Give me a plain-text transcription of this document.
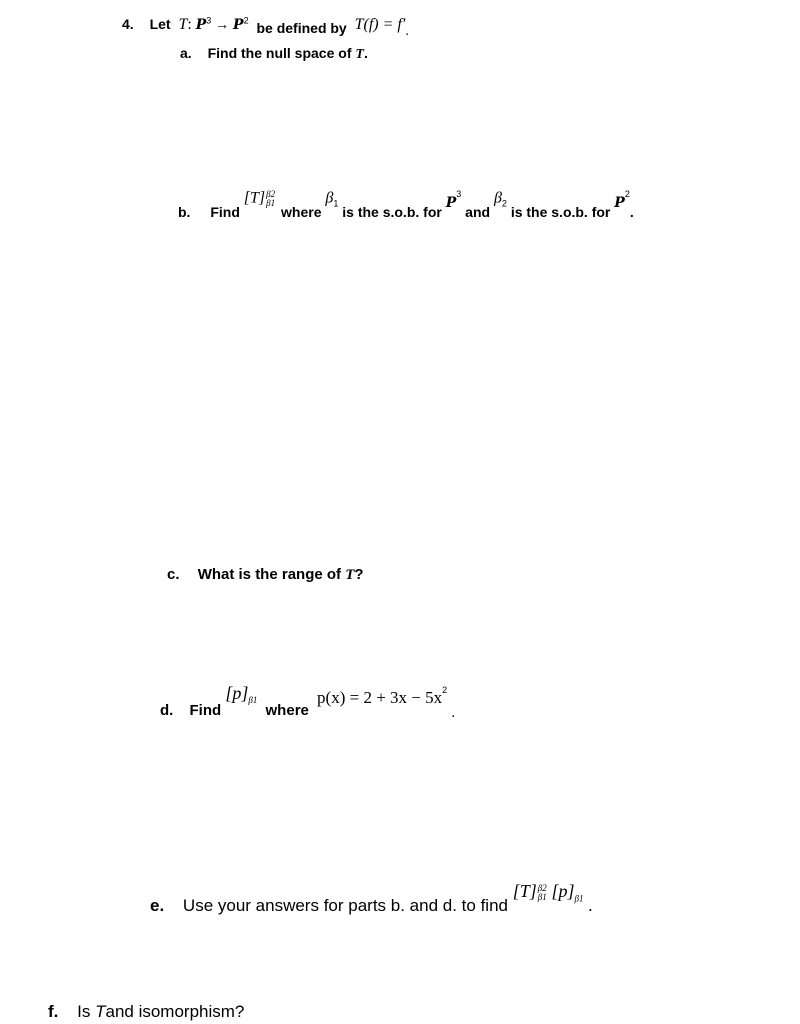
4. Let T: $P^3 \to P^2$ be defined by T(f) = f′.
a. Find the null space of T.
b. Find [T] β2
β1
where $\beta_1$ is the s.o.b. for $P^3$ and $\beta_2$ is the s.o.b. for $P^2$.
c. What is the range of T?
d. Find $[p]_{\beta 1}$ where $p(x) = 2 + 3x - 5x^2$ .
e. Use your answers for parts b. and d. to find [T] β2
β1 $[p]_{\beta 1}$ .
f. Is Tand isomorphism?
